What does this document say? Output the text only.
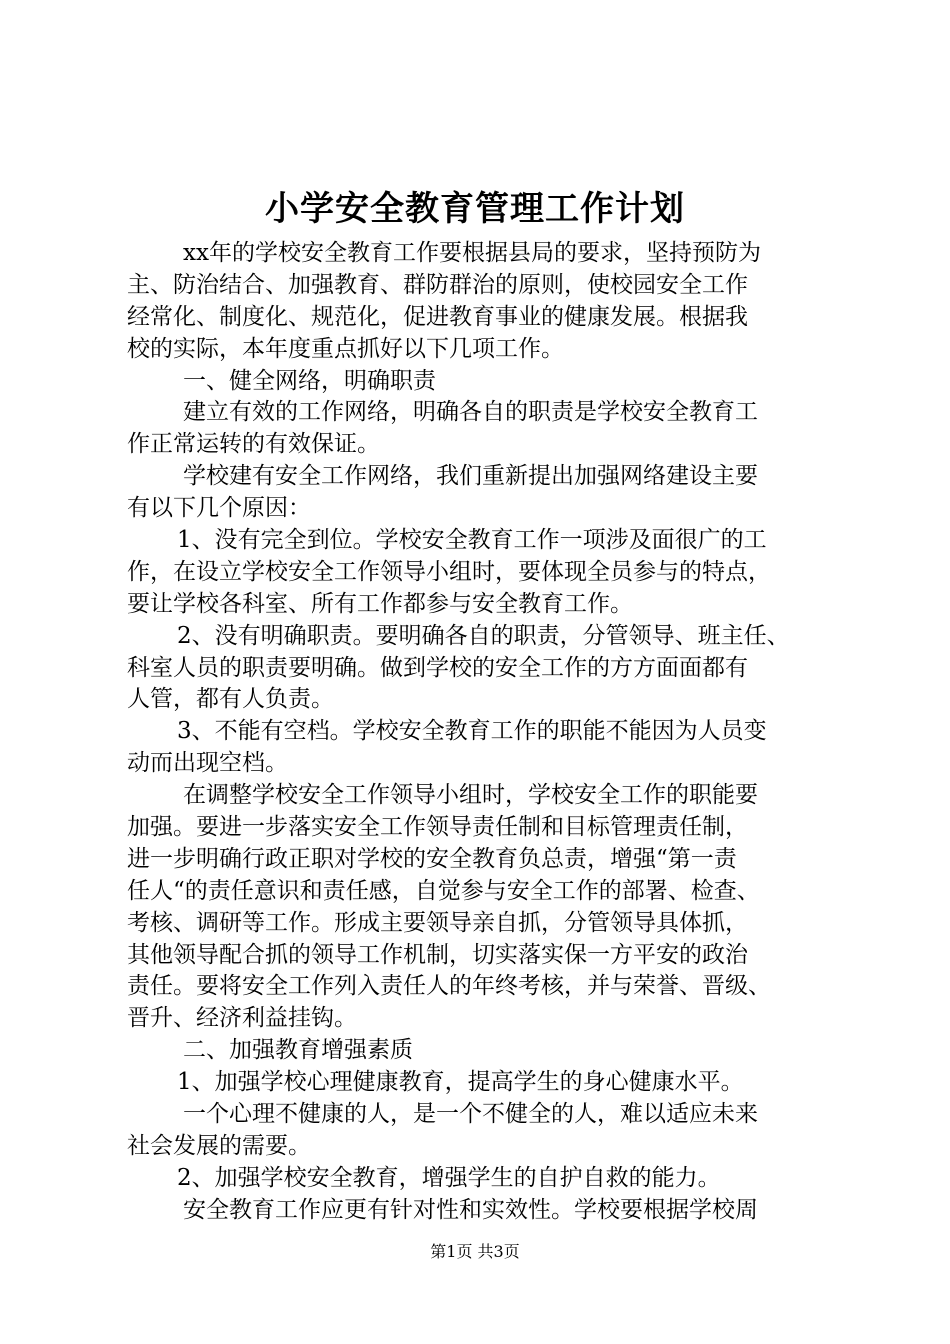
小学安全教育管理工作计划
xx年的学校安全教育工作要根据县局的要求，坚持预防为
主、防治结合、加强教育、群防群治的原则，使校园安全工作
经常化、制度化、规范化，促进教育事业的健康发展。根据我
校的实际，本年度重点抓好以下几项工作。
一、健全网络，明确职责
建立有效的工作网络，明确各自的职责是学校安全教育工
作正常运转的有效保证。
学校建有安全工作网络，我们重新提出加强网络建设主要
有以下几个原因：
1、没有完全到位。学校安全教育工作一项涉及面很广的工
作，在设立学校安全工作领导小组时，要体现全员参与的特点，
要让学校各科室、所有工作都参与安全教育工作。
2、没有明确职责。要明确各自的职责，分管领导、班主任、
科室人员的职责要明确。做到学校的安全工作的方方面面都有
人管，都有人负责。
3、不能有空档。学校安全教育工作的职能不能因为人员变
动而出现空档。
在调整学校安全工作领导小组时，学校安全工作的职能要
加强。要进一步落实安全工作领导责任制和目标管理责任制，
进一步明确行政正职对学校的安全教育负总责，增强“第一责
任人“的责任意识和责任感，自觉参与安全工作的部署、检查、
考核、调研等工作。形成主要领导亲自抓，分管领导具体抓，
其他领导配合抓的领导工作机制，切实落实保一方平安的政治
责任。要将安全工作列入责任人的年终考核，并与荣誉、晋级、
晋升、经济利益挂钩。
二、加强教育增强素质
1、加强学校心理健康教育，提高学生的身心健康水平。
一个心理不健康的人，是一个不健全的人，难以适应未来
社会发展的需要。
2、加强学校安全教育，增强学生的自护自救的能力。
安全教育工作应更有针对性和实效性。学校要根据学校周
第1页 共3页
